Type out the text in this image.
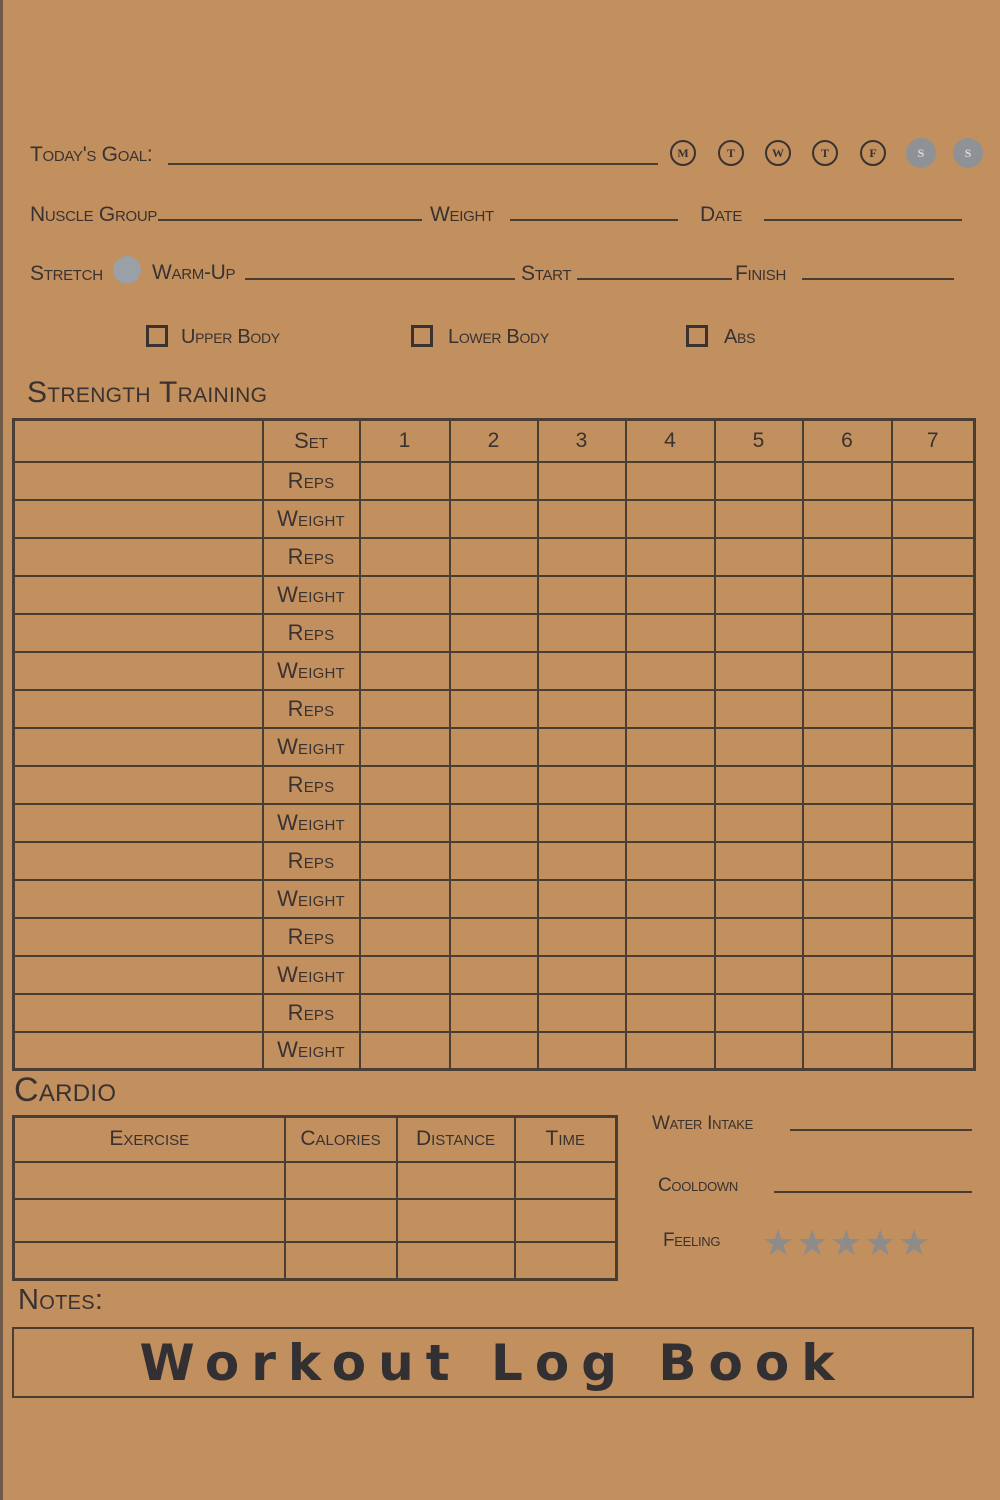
Today's Goal:	M	T	W	T	F	S	S
Nuscle Group	Weight	Date
Stretch Warm-Up	Start	Finish
Upper Body	Lower Body	Abs
Strength Training
	Set	1	2	3	4	5	6	7
	Reps							
	Weight							
	Reps							
	Weight							
	Reps							
	Weight							
	Reps							
	Weight							
	Reps							
	Weight							
	Reps							
	Weight							
	Reps							
	Weight							
	Reps							
	Weight							
Cardio
Exercise	Calories	Distance	Time

Water Intake
Cooldown
Feeling ★ ★ ★ ★ ★
Notes:
Workout Log Book
